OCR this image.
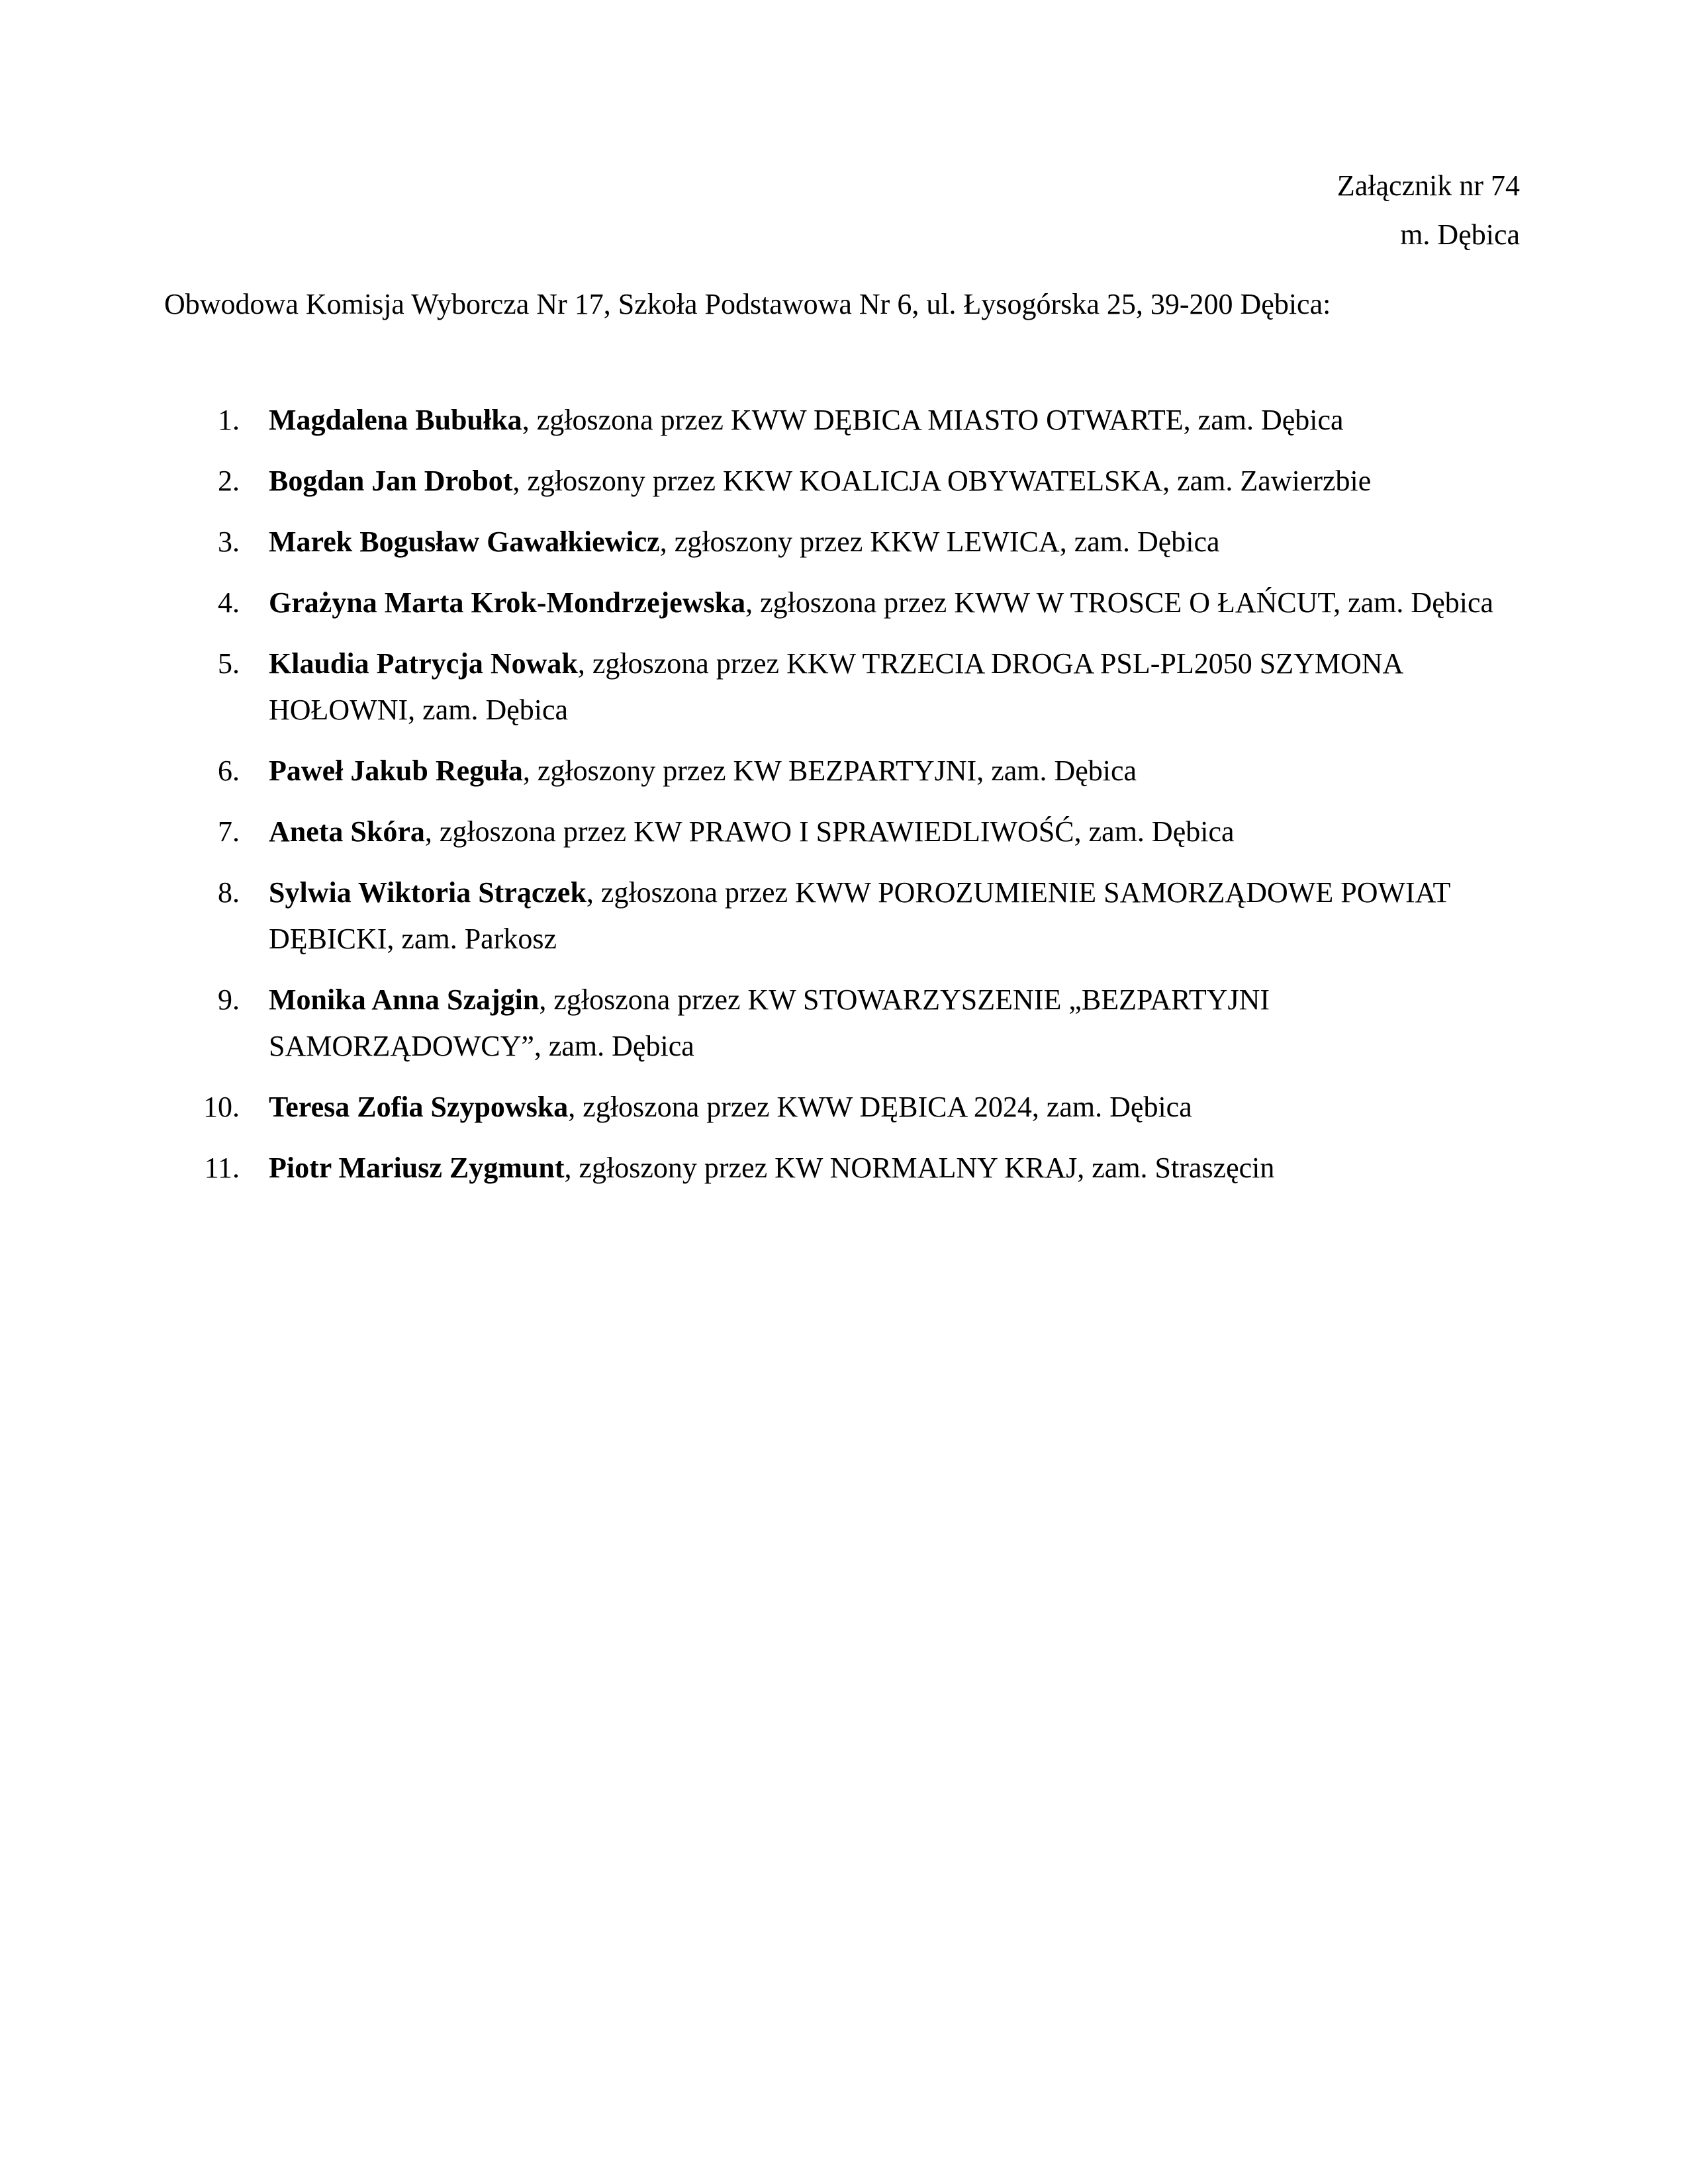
Załącznik nr 74
m. Dębica
Obwodowa Komisja Wyborcza Nr 17, Szkoła Podstawowa Nr 6, ul. Łysogórska 25, 39-200 Dębica:
1. Magdalena Bubułka, zgłoszona przez KWW DĘBICA MIASTO OTWARTE, zam. Dębica
2. Bogdan Jan Drobot, zgłoszony przez KKW KOALICJA OBYWATELSKA, zam. Zawierzbie
3. Marek Bogusław Gawałkiewicz, zgłoszony przez KKW LEWICA, zam. Dębica
4. Grażyna Marta Krok-Mondrzejewska, zgłoszona przez KWW W TROSCE O ŁAŃCUT, zam. Dębica
5. Klaudia Patrycja Nowak, zgłoszona przez KKW TRZECIA DROGA PSL-PL2050 SZYMONA HOŁOWNI, zam. Dębica
6. Paweł Jakub Reguła, zgłoszony przez KW BEZPARTYJNI, zam. Dębica
7. Aneta Skóra, zgłoszona przez KW PRAWO I SPRAWIEDLIWOŚĆ, zam. Dębica
8. Sylwia Wiktoria Strączek, zgłoszona przez KWW POROZUMIENIE SAMORZĄDOWE POWIAT DĘBICKI, zam. Parkosz
9. Monika Anna Szajgin, zgłoszona przez KW STOWARZYSZENIE „BEZPARTYJNI SAMORZĄDOWCY”, zam. Dębica
10. Teresa Zofia Szypowska, zgłoszona przez KWW DĘBICA 2024, zam. Dębica
11. Piotr Mariusz Zygmunt, zgłoszony przez KW NORMALNY KRAJ, zam. Straszęcin
